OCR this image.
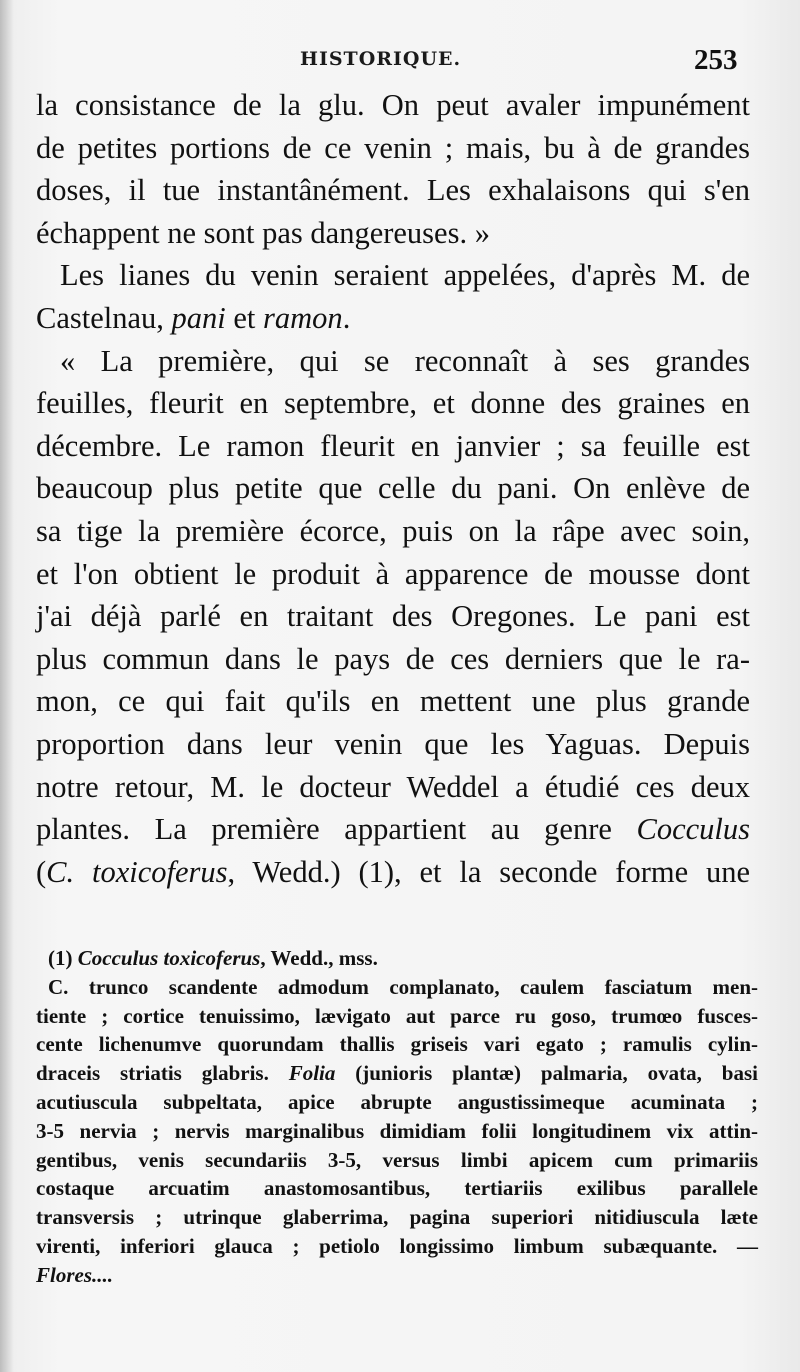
HISTORIQUE.	253
la consistance de la glu. On peut avaler impunément
de petites portions de ce venin ; mais, bu à de grandes
doses, il tue instantânément. Les exhalaisons qui s'en
échappent ne sont pas dangereuses. »
Les lianes du venin seraient appelées, d'après M. de
Castelnau, pani et ramon.
« La première, qui se reconnaît à ses grandes
feuilles, fleurit en septembre, et donne des graines en
décembre. Le ramon fleurit en janvier ; sa feuille est
beaucoup plus petite que celle du pani. On enlève de
sa tige la première écorce, puis on la râpe avec soin,
et l'on obtient le produit à apparence de mousse dont
j'ai déjà parlé en traitant des Oregones. Le pani est
plus commun dans le pays de ces derniers que le ra-
mon, ce qui fait qu'ils en mettent une plus grande
proportion dans leur venin que les Yaguas. Depuis
notre retour, M. le docteur Weddel a étudié ces deux
plantes. La première appartient au genre Cocculus
(C. toxicoferus, Wedd.) (1), et la seconde forme une
(1) Cocculus toxicoferus, Wedd., mss.
C. trunco scandente admodum complanato, caulem fasciatum men-
tiente ; cortice tenuissimo, lævigato aut parce ru goso, trumœo fusces-
cente lichenumve quorundam thallis griseis vari egato ; ramulis cylin-
draceis striatis glabris. Folia (junioris plantæ) palmaria, ovata, basi
acutiuscula subpeltata, apice abrupte angustissimeque acuminata ;
3-5 nervia ; nervis marginalibus dimidiam folii longitudinem vix attin-
gentibus, venis secundariis 3-5, versus limbi apicem cum primariis
costaque arcuatim anastomosantibus, tertiariis exilibus parallele
transversis ; utrinque glaberrima, pagina superiori nitidiuscula læte
virenti, inferiori glauca ; petiolo longissimo limbum subæquante. —
Flores....
